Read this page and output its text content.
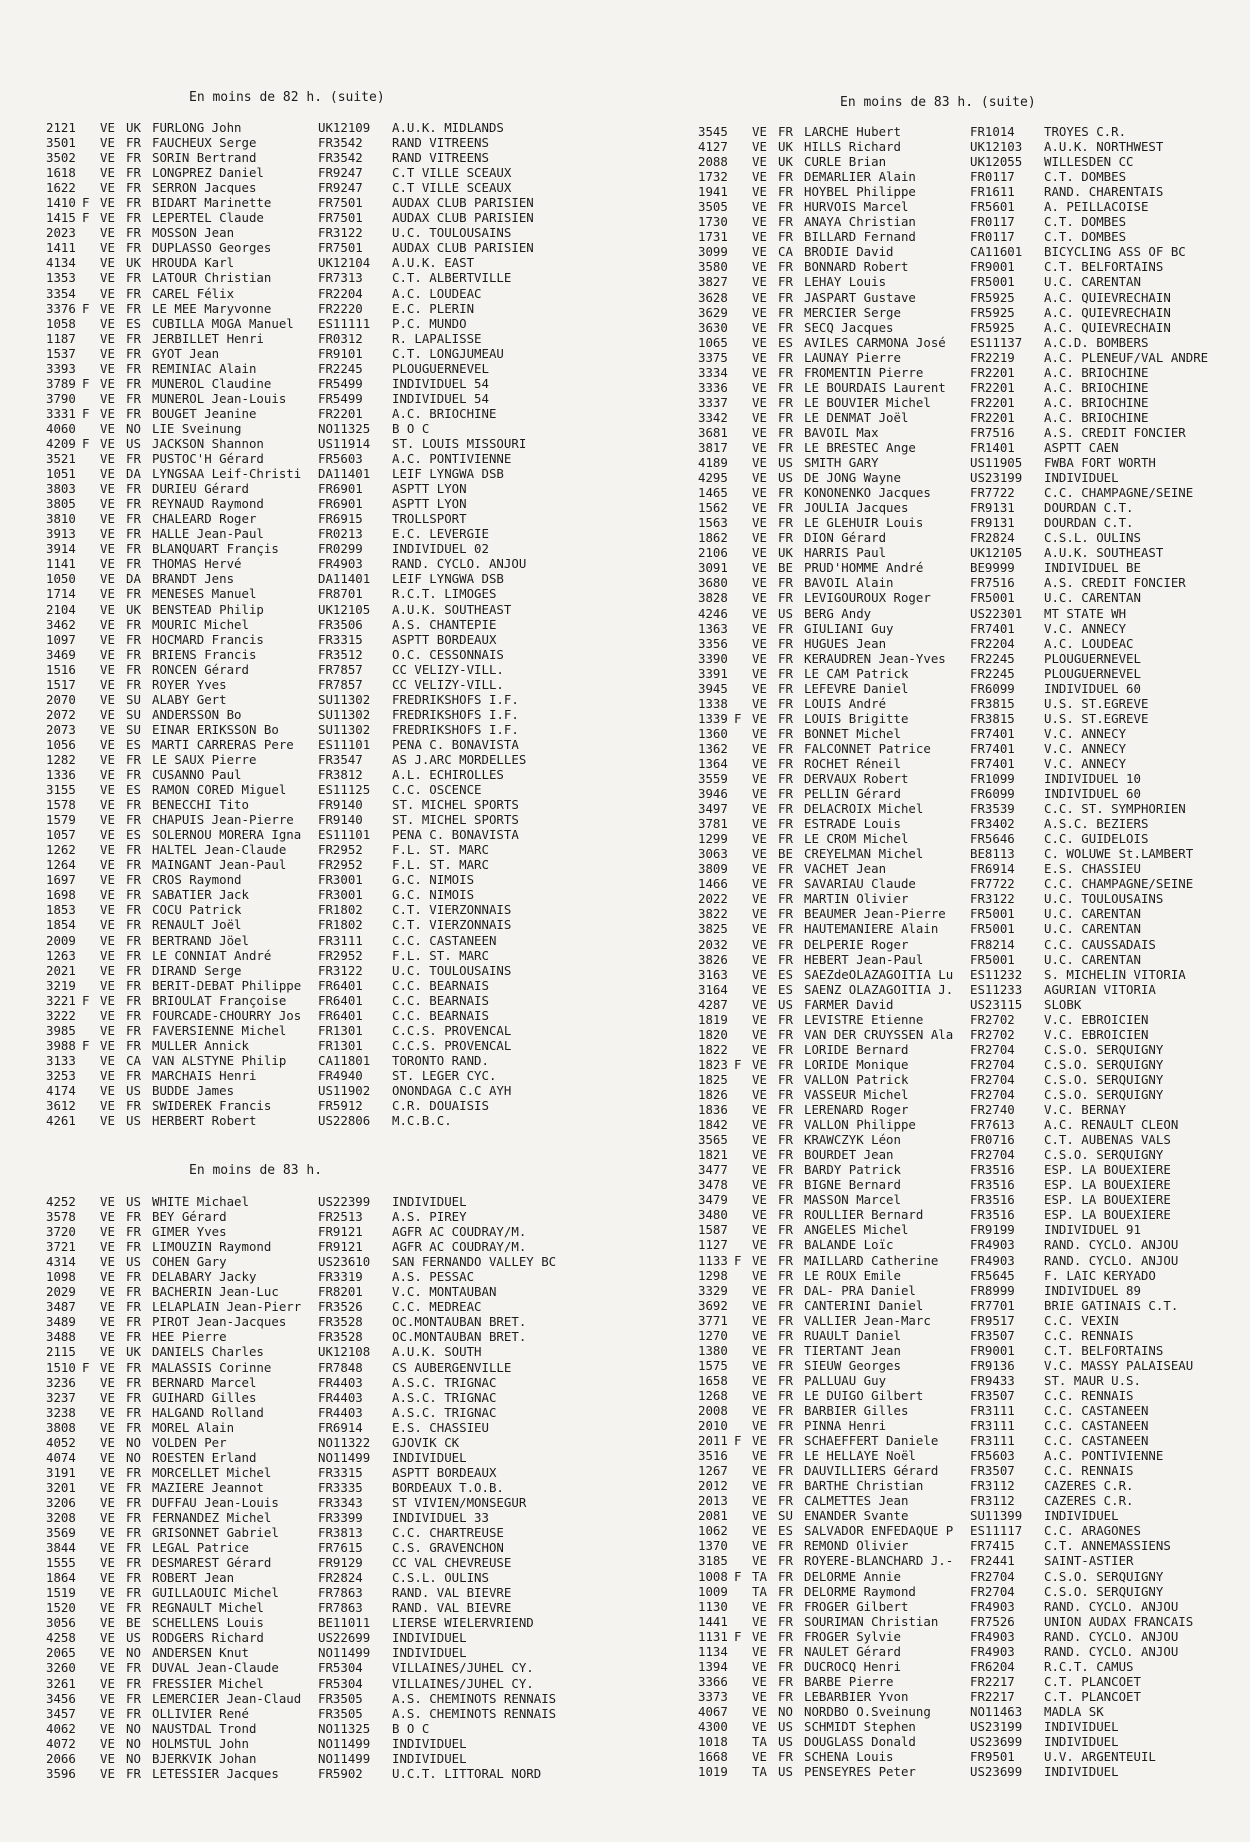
En moins de 82 h. (suite)
2121 VE UK FURLONG John	UK12109 A.U.K. MIDLANDS
3501 VE FR FAUCHEUX Serge	FR3542 RAND VITREENS
3502 VE FR SORIN Bertrand	FR3542 RAND VITREENS
1618 VE FR LONGPREZ Daniel	FR9247 C.T VILLE SCEAUX
1622 VE FR SERRON Jacques	FR9247 C.T VILLE SCEAUX
1410 F VE FR BIDART Marinette	FR7501 AUDAX CLUB PARISIEN
1415 F VE FR LEPERTEL Claude	FR7501 AUDAX CLUB PARISIEN
2023 VE FR MOSSON Jean	FR3122 U.C. TOULOUSAINS
1411 VE FR DUPLASSO Georges	FR7501 AUDAX CLUB PARISIEN
4134 VE UK HROUDA Karl	UK12104 A.U.K. EAST
1353 VE FR LATOUR Christian	FR7313 C.T. ALBERTVILLE
3354 VE FR CAREL Félix	FR2204 A.C. LOUDEAC
3376 F VE FR LE MEE Maryvonne	FR2220 E.C. PLERIN
1058 VE ES CUBILLA MOGA Manuel ES11111 P.C. MUNDO
1187 VE FR JERBILLET Henri	FR0312 R. LAPALISSE
1537 VE FR GYOT Jean	FR9101 C.T. LONGJUMEAU
3393 VE FR REMINIAC Alain	FR2245 PLOUGUERNEVEL
3789 F VE FR MUNEROL Claudine	FR5499 INDIVIDUEL 54
3790 VE FR MUNEROL Jean-Louis	FR5499 INDIVIDUEL 54
3331 F VE FR BOUGET Jeanine	FR2201 A.C. BRIOCHINE
4060 VE NO LIE Sveinung	NO11325 B O C
4209 F VE US JACKSON Shannon	US11914 ST. LOUIS MISSOURI
3521 VE FR PUSTOC'H Gérard	FR5603 A.C. PONTIVIENNE
1051 VE DA LYNGSAA Leif-Christi DA11401 LEIF LYNGWA DSB
3803 VE FR DURIEU Gérard	FR6901 ASPTT LYON
3805 VE FR REYNAUD Raymond	FR6901 ASPTT LYON
3810 VE FR CHALEARD Roger	FR6915 TROLLSPORT
3913 VE FR HALLE Jean-Paul	FR0213 E.C. LEVERGIE
3914 VE FR BLANQUART Françis	FR0299 INDIVIDUEL 02
1141 VE FR THOMAS Hervé	FR4903 RAND. CYCLO. ANJOU
1050 VE DA BRANDT Jens	DA11401 LEIF LYNGWA DSB
1714 VE FR MENESES Manuel	FR8701 R.C.T. LIMOGES
2104 VE UK BENSTEAD Philip	UK12105 A.U.K. SOUTHEAST
3462 VE FR MOURIC Michel	FR3506 A.S. CHANTEPIE
1097 VE FR HOCMARD Francis	FR3315 ASPTT BORDEAUX
3469 VE FR BRIENS Francis	FR3512 O.C. CESSONNAIS
1516 VE FR RONCEN Gérard	FR7857 CC VELIZY-VILL.
1517 VE FR ROYER Yves	FR7857 CC VELIZY-VILL.
2070 VE SU ALABY Gert	SU11302 FREDRIKSHOFS I.F.
2072 VE SU ANDERSSON Bo	SU11302 FREDRIKSHOFS I.F.
2073 VE SU EINAR ERIKSSON Bo	SU11302 FREDRIKSHOFS I.F.
1056 VE ES MARTI CARRERAS Pere ES11101 PENA C. BONAVISTA
1282 VE FR LE SAUX Pierre	FR3547 AS J.ARC MORDELLES
1336 VE FR CUSANNO Paul	FR3812 A.L. ECHIROLLES
3155 VE ES RAMON CORED Miguel	ES11125 C.C. OSCENCE
1578 VE FR BENECCHI Tito	FR9140 ST. MICHEL SPORTS
1579 VE FR CHAPUIS Jean-Pierre FR9140 ST. MICHEL SPORTS
1057 VE ES SOLERNOU MORERA Igna ES11101 PENA C. BONAVISTA
1262 VE FR HALTEL Jean-Claude	FR2952 F.L. ST. MARC
1264 VE FR MAINGANT Jean-Paul	FR2952 F.L. ST. MARC
1697 VE FR CROS Raymond	FR3001 G.C. NIMOIS
1698 VE FR SABATIER Jack	FR3001 G.C. NIMOIS
1853 VE FR COCU Patrick	FR1802 C.T. VIERZONNAIS
1854 VE FR RENAULT Joël	FR1802 C.T. VIERZONNAIS
2009 VE FR BERTRAND Jöel	FR3111 C.C. CASTANEEN
1263 VE FR LE CONNIAT André	FR2952 F.L. ST. MARC
2021 VE FR DIRAND Serge	FR3122 U.C. TOULOUSAINS
3219 VE FR BERIT-DEBAT Philippe FR6401 C.C. BEARNAIS
3221 F VE FR BRIOULAT Françoise	FR6401 C.C. BEARNAIS
3222 VE FR FOURCADE-CHOURRY Jos FR6401 C.C. BEARNAIS
3985 VE FR FAVERSIENNE Michel	FR1301 C.C.S. PROVENCAL
3988 F VE FR MULLER Annick	FR1301 C.C.S. PROVENCAL
3133 VE CA VAN ALSTYNE Philip	CA11801 TORONTO RAND.
3253 VE FR MARCHAIS Henri	FR4940 ST. LEGER CYC.
4174 VE US BUDDE James	US11902 ONONDAGA C.C AYH
3612 VE FR SWIDEREK Francis	FR5912 C.R. DOUAISIS
4261 VE US HERBERT Robert	US22806 M.C.B.C.
En moins de 83 h.
4252 VE US WHITE Michael	US22399 INDIVIDUEL
3578 VE FR BEY Gérard	FR2513 A.S. PIREY
3720 VE FR GIMER Yves	FR9121 AGFR AC COUDRAY/M.
3721 VE FR LIMOUZIN Raymond	FR9121 AGFR AC COUDRAY/M.
4314 VE US COHEN Gary	US23610 SAN FERNANDO VALLEY BC
1098 VE FR DELABARY Jacky	FR3319 A.S. PESSAC
2029 VE FR BACHERIN Jean-Luc	FR8201 V.C. MONTAUBAN
3487 VE FR LELAPLAIN Jean-Pierr FR3526 C.C. MEDREAC
3489 VE FR PIROT Jean-Jacques	FR3528 OC.MONTAUBAN BRET.
3488 VE FR HEE Pierre	FR3528 OC.MONTAUBAN BRET.
2115 VE UK DANIELS Charles	UK12108 A.U.K. SOUTH
1510 F VE FR MALASSIS Corinne	FR7848 CS AUBERGENVILLE
3236 VE FR BERNARD Marcel	FR4403 A.S.C. TRIGNAC
3237 VE FR GUIHARD Gilles	FR4403 A.S.C. TRIGNAC
3238 VE FR HALGAND Rolland	FR4403 A.S.C. TRIGNAC
3808 VE FR MOREL Alain	FR6914 E.S. CHASSIEU
4052 VE NO VOLDEN Per	NO11322 GJOVIK CK
4074 VE NO ROESTEN Erland	NO11499 INDIVIDUEL
3191 VE FR MORCELLET Michel	FR3315 ASPTT BORDEAUX
3201 VE FR MAZIERE Jeannot	FR3335 BORDEAUX T.O.B.
3206 VE FR DUFFAU Jean-Louis	FR3343 ST VIVIEN/MONSEGUR
3208 VE FR FERNANDEZ Michel	FR3399 INDIVIDUEL 33
3569 VE FR GRISONNET Gabriel	FR3813 C.C. CHARTREUSE
3844 VE FR LEGAL Patrice	FR7615 C.S. GRAVENCHON
1555 VE FR DESMAREST Gérard	FR9129 CC VAL CHEVREUSE
1864 VE FR ROBERT Jean	FR2824 C.S.L. OULINS
1519 VE FR GUILLAOUIC Michel	FR7863 RAND. VAL BIEVRE
1520 VE FR REGNAULT Michel	FR7863 RAND. VAL BIEVRE
3056 VE BE SCHELLENS Louis	BE11011 LIERSE WIELERVRIEND
4258 VE US RODGERS Richard	US22699 INDIVIDUEL
2065 VE NO ANDERSEN Knut	NO11499 INDIVIDUEL
3260 VE FR DUVAL Jean-Claude	FR5304 VILLAINES/JUHEL CY.
3261 VE FR FRESSIER Michel	FR5304 VILLAINES/JUHEL CY.
3456 VE FR LEMERCIER Jean-Claud FR3505 A.S. CHEMINOTS RENNAIS
3457 VE FR OLLIVIER René	FR3505 A.S. CHEMINOTS RENNAIS
4062 VE NO NAUSTDAL Trond	NO11325 B O C
4072 VE NO HOLMSTUL John	NO11499 INDIVIDUEL
2066 VE NO BJERKVIK Johan	NO11499 INDIVIDUEL
3596 VE FR LETESSIER Jacques	FR5902 U.C.T. LITTORAL NORD
En moins de 83 h. (suite)
3545 VE FR LARCHE Hubert	FR1014 TROYES C.R.
4127 VE UK HILLS Richard	UK12103 A.U.K. NORTHWEST
2088 VE UK CURLE Brian	UK12055 WILLESDEN CC
1732 VE FR DEMARLIER Alain	FR0117 C.T. DOMBES
1941 VE FR HOYBEL Philippe	FR1611 RAND. CHARENTAIS
3505 VE FR HURVOIS Marcel	FR5601 A. PEILLACOISE
1730 VE FR ANAYA Christian	FR0117 C.T. DOMBES
1731 VE FR BILLARD Fernand	FR0117 C.T. DOMBES
3099 VE CA BRODIE David	CA11601 BICYCLING ASS OF BC
3580 VE FR BONNARD Robert	FR9001 C.T. BELFORTAINS
3827 VE FR LEHAY Louis	FR5001 U.C. CARENTAN
3628 VE FR JASPART Gustave	FR5925 A.C. QUIEVRECHAIN
3629 VE FR MERCIER Serge	FR5925 A.C. QUIEVRECHAIN
3630 VE FR SECQ Jacques	FR5925 A.C. QUIEVRECHAIN
1065 VE ES AVILES CARMONA José ES11137 A.C.D. BOMBERS
3375 VE FR LAUNAY Pierre	FR2219 A.C. PLENEUF/VAL ANDRE
3334 VE FR FROMENTIN Pierre	FR2201 A.C. BRIOCHINE
3336 VE FR LE BOURDAIS Laurent FR2201 A.C. BRIOCHINE
3337 VE FR LE BOUVIER Michel	FR2201 A.C. BRIOCHINE
3342 VE FR LE DENMAT Joël	FR2201 A.C. BRIOCHINE
3681 VE FR BAVOIL Max	FR7516 A.S. CREDIT FONCIER
3817 VE FR LE BRESTEC Ange	FR1401 ASPTT CAEN
4189 VE US SMITH GARY	US11905 FWBA FORT WORTH
4295 VE US DE JONG Wayne	US23199 INDIVIDUEL
1465 VE FR KONONENKO Jacques	FR7722 C.C. CHAMPAGNE/SEINE
1562 VE FR JOULIA Jacques	FR9131 DOURDAN C.T.
1563 VE FR LE GLEHUIR Louis	FR9131 DOURDAN C.T.
1862 VE FR DION Gérard	FR2824 C.S.L. OULINS
2106 VE UK HARRIS Paul	UK12105 A.U.K. SOUTHEAST
3091 VE BE PRUD'HOMME André	BE9999 INDIVIDUEL BE
3680 VE FR BAVOIL Alain	FR7516 A.S. CREDIT FONCIER
3828 VE FR LEVIGOUROUX Roger	FR5001 U.C. CARENTAN
4246 VE US BERG Andy	US22301 MT STATE WH
1363 VE FR GIULIANI Guy	FR7401 V.C. ANNECY
3356 VE FR HUGUES Jean	FR2204 A.C. LOUDEAC
3390 VE FR KERAUDREN Jean-Yves FR2245 PLOUGUERNEVEL
3391 VE FR LE CAM Patrick	FR2245 PLOUGUERNEVEL
3945 VE FR LEFEVRE Daniel	FR6099 INDIVIDUEL 60
1338 VE FR LOUIS André	FR3815 U.S. ST.EGREVE
1339 F VE FR LOUIS Brigitte	FR3815 U.S. ST.EGREVE
1360 VE FR BONNET Michel	FR7401 V.C. ANNECY
1362 VE FR FALCONNET Patrice	FR7401 V.C. ANNECY
1364 VE FR ROCHET Réneil	FR7401 V.C. ANNECY
3559 VE FR DERVAUX Robert	FR1099 INDIVIDUEL 10
3946 VE FR PELLIN Gérard	FR6099 INDIVIDUEL 60
3497 VE FR DELACROIX Michel	FR3539 C.C. ST. SYMPHORIEN
3781 VE FR ESTRADE Louis	FR3402 A.S.C. BEZIERS
1299 VE FR LE CROM Michel	FR5646 C.C. GUIDELOIS
3063 VE BE CREYELMAN Michel	BE8113 C. WOLUWE St.LAMBERT
3809 VE FR VACHET Jean	FR6914 E.S. CHASSIEU
1466 VE FR SAVARIAU Claude	FR7722 C.C. CHAMPAGNE/SEINE
2022 VE FR MARTIN Olivier	FR3122 U.C. TOULOUSAINS
3822 VE FR BEAUMER Jean-Pierre FR5001 U.C. CARENTAN
3825 VE FR HAUTEMANIERE Alain	FR5001 U.C. CARENTAN
2032 VE FR DELPERIE Roger	FR8214 C.C. CAUSSADAIS
3826 VE FR HEBERT Jean-Paul	FR5001 U.C. CARENTAN
3163 VE ES SAEZdeOLAZAGOITIA Lu ES11232 S. MICHELIN VITORIA
3164 VE ES SAENZ OLAZAGOITIA J. ES11233 AGURIAN VITORIA
4287 VE US FARMER David	US23115 SLOBK
1819 VE FR LEVISTRE Etienne	FR2702 V.C. EBROICIEN
1820 VE FR VAN DER CRUYSSEN Ala FR2702 V.C. EBROICIEN
1822 VE FR LORIDE Bernard	FR2704 C.S.O. SERQUIGNY
1823 F VE FR LORIDE Monique	FR2704 C.S.O. SERQUIGNY
1825 VE FR VALLON Patrick	FR2704 C.S.O. SERQUIGNY
1826 VE FR VASSEUR Michel	FR2704 C.S.O. SERQUIGNY
1836 VE FR LERENARD Roger	FR2740 V.C. BERNAY
1842 VE FR VALLON Philippe	FR7613 A.C. RENAULT CLEON
3565 VE FR KRAWCZYK Léon	FR0716 C.T. AUBENAS VALS
1821 VE FR BOURDET Jean	FR2704 C.S.O. SERQUIGNY
3477 VE FR BARDY Patrick	FR3516 ESP. LA BOUEXIERE
3478 VE FR BIGNE Bernard	FR3516 ESP. LA BOUEXIERE
3479 VE FR MASSON Marcel	FR3516 ESP. LA BOUEXIERE
3480 VE FR ROULLIER Bernard	FR3516 ESP. LA BOUEXIERE
1587 VE FR ANGELES Michel	FR9199 INDIVIDUEL 91
1127 VE FR BALANDE Loïc	FR4903 RAND. CYCLO. ANJOU
1133 F VE FR MAILLARD Catherine	FR4903 RAND. CYCLO. ANJOU
1298 VE FR LE ROUX Emile	FR5645 F. LAIC KERYADO
3329 VE FR DAL- PRA Daniel	FR8999 INDIVIDUEL 89
3692 VE FR CANTERINI Daniel	FR7701 BRIE GATINAIS C.T.
3771 VE FR VALLIER Jean-Marc	FR9517 C.C. VEXIN
1270 VE FR RUAULT Daniel	FR3507 C.C. RENNAIS
1380 VE FR TIERTANT Jean	FR9001 C.T. BELFORTAINS
1575 VE FR SIEUW Georges	FR9136 V.C. MASSY PALAISEAU
1658 VE FR PALLUAU Guy	FR9433 ST. MAUR U.S.
1268 VE FR LE DUIGO Gilbert	FR3507 C.C. RENNAIS
2008 VE FR BARBIER Gilles	FR3111 C.C. CASTANEEN
2010 VE FR PINNA Henri	FR3111 C.C. CASTANEEN
2011 F VE FR SCHAEFFERT Daniele	FR3111 C.C. CASTANEEN
3516 VE FR LE HELLAYE Noël	FR5603 A.C. PONTIVIENNE
1267 VE FR DAUVILLIERS Gérard	FR3507 C.C. RENNAIS
2012 VE FR BARTHE Christian	FR3112 CAZERES C.R.
2013 VE FR CALMETTES Jean	FR3112 CAZERES C.R.
2081 VE SU ENANDER Svante	SU11399 INDIVIDUEL
1062 VE ES SALVADOR ENFEDAQUE P ES11117 C.C. ARAGONES
1370 VE FR REMOND Olivier	FR7415 C.T. ANNEMASSIENS
3185 VE FR ROYERE-BLANCHARD J.- FR2441 SAINT-ASTIER
1008 F TA FR DELORME Annie	FR2704 C.S.O. SERQUIGNY
1009 TA FR DELORME Raymond	FR2704 C.S.O. SERQUIGNY
1130 VE FR FROGER Gilbert	FR4903 RAND. CYCLO. ANJOU
1441 VE FR SOURIMAN Christian	FR7526 UNION AUDAX FRANCAIS
1131 F VE FR FROGER Sylvie	FR4903 RAND. CYCLO. ANJOU
1134 VE FR NAULET Gérard	FR4903 RAND. CYCLO. ANJOU
1394 VE FR DUCROCQ Henri	FR6204 R.C.T. CAMUS
3366 VE FR BARBE Pierre	FR2217 C.T. PLANCOET
3373 VE FR LEBARBIER Yvon	FR2217 C.T. PLANCOET
4067 VE NO NORDBO O.Sveinung	NO11463 MADLA SK
4300 VE US SCHMIDT Stephen	US23199 INDIVIDUEL
1018 TA US DOUGLASS Donald	US23699 INDIVIDUEL
1668 VE FR SCHENA Louis	FR9501 U.V. ARGENTEUIL
1019 TA US PENSEYRES Peter	US23699 INDIVIDUEL
